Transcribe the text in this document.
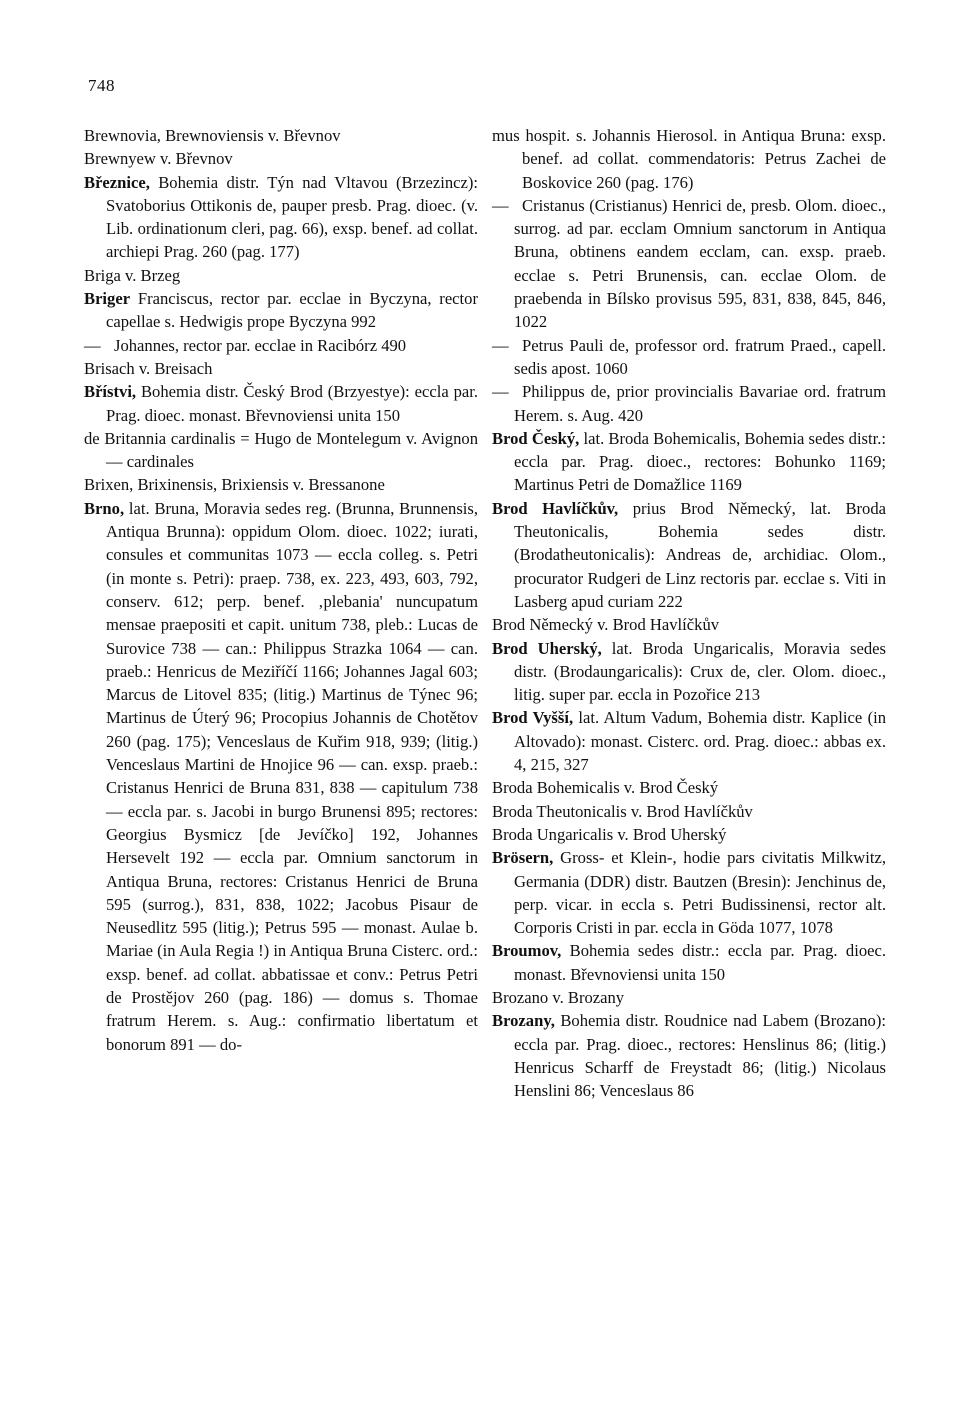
748
Brewnovia, Brewnoviensis v. Břevnov
Brewnyew v. Břevnov
Březnice, Bohemia distr. Týn nad Vltavou (Brzezincz): Svatoborius Ottikonis de, pauper presb. Prag. dioec. (v. Lib. ordinationum cleri, pag. 66), exsp. benef. ad collat. archiepi Prag. 260 (pag. 177)
Briga v. Brzeg
Briger Franciscus, rector par. ecclae in Byczyna, rector capellae s. Hedwigis prope Byczyna 992
— Johannes, rector par. ecclae in Racibórz 490
Brisach v. Breisach
Břístvi, Bohemia distr. Český Brod (Brzyestye): eccla par. Prag. dioec. monast. Břevnoviensi unita 150
de Britannia cardinalis = Hugo de Montelegum v. Avignon — cardinales
Brixen, Brixinensis, Brixiensis v. Bressanone
Brno, lat. Bruna, Moravia sedes reg. (Brunna, Brunnensis, Antiqua Brunna): oppidum Olom. dioec. 1022; iurati, consules et communitas 1073 — eccla colleg. s. Petri (in monte s. Petri): praep. 738, ex. 223, 493, 603, 792, conserv. 612; perp. benef. ‚plebania' nuncupatum mensae praepositi et capit. unitum 738, pleb.: Lucas de Surovice 738 — can.: Philippus Strazka 1064 — can. praeb.: Henricus de Meziříčí 1166; Johannes Jagal 603; Marcus de Litovel 835; (litig.) Martinus de Týnec 96; Martinus de Úterý 96; Procopius Johannis de Chotětov 260 (pag. 175); Venceslaus de Kuřim 918, 939; (litig.) Venceslaus Martini de Hnojice 96 — can. exsp. praeb.: Cristanus Henrici de Bruna 831, 838 — capitulum 738 — eccla par. s. Jacobi in burgo Brunensi 895; rectores: Georgius Bysmicz [de Jevíčko] 192, Johannes Hersevelt 192 — eccla par. Omnium sanctorum in Antiqua Bruna, rectores: Cristanus Henrici de Bruna 595 (surrog.), 831, 838, 1022; Jacobus Pisaur de Neusedlitz 595 (litig.); Petrus 595 — monast. Aulae b. Mariae (in Aula Regia !) in Antiqua Bruna Cisterc. ord.: exsp. benef. ad collat. abbatissae et conv.: Petrus Petri de Prostějov 260 (pag. 186) — domus s. Thomae fratrum Herem. s. Aug.: confirmatio libertatum et bonorum 891 — do-
mus hospit. s. Johannis Hierosol. in Antiqua Bruna: exsp. benef. ad collat. commendatoris: Petrus Zachei de Boskovice 260 (pag. 176)
— Cristanus (Cristianus) Henrici de, presb. Olom. dioec., surrog. ad par. ecclam Omnium sanctorum in Antiqua Bruna, obtinens eandem ecclam, can. exsp. praeb. ecclae s. Petri Brunensis, can. ecclae Olom. de praebenda in Bílsko provisus 595, 831, 838, 845, 846, 1022
— Petrus Pauli de, professor ord. fratrum Praed., capell. sedis apost. 1060
— Philippus de, prior provincialis Bavariae ord. fratrum Herem. s. Aug. 420
Brod Český, lat. Broda Bohemicalis, Bohemia sedes distr.: eccla par. Prag. dioec., rectores: Bohunko 1169; Martinus Petri de Domažlice 1169
Brod Havlíčkův, prius Brod Německý, lat. Broda Theutonicalis, Bohemia sedes distr. (Brodatheutonicalis): Andreas de, archidiac. Olom., procurator Rudgeri de Linz rectoris par. ecclae s. Viti in Lasberg apud curiam 222
Brod Německý v. Brod Havlíčkův
Brod Uherský, lat. Broda Ungaricalis, Moravia sedes distr. (Brodaungaricalis): Crux de, cler. Olom. dioec., litig. super par. eccla in Pozořice 213
Brod Vyšší, lat. Altum Vadum, Bohemia distr. Kaplice (in Altovado): monast. Cisterc. ord. Prag. dioec.: abbas ex. 4, 215, 327
Broda Bohemicalis v. Brod Český
Broda Theutonicalis v. Brod Havlíčkův
Broda Ungaricalis v. Brod Uherský
Brösern, Gross- et Klein-, hodie pars civitatis Milkwitz, Germania (DDR) distr. Bautzen (Bresin): Jenchinus de, perp. vicar. in eccla s. Petri Budissinensi, rector alt. Corporis Cristi in par. eccla in Göda 1077, 1078
Broumov, Bohemia sedes distr.: eccla par. Prag. dioec. monast. Břevnoviensi unita 150
Brozano v. Brozany
Brozany, Bohemia distr. Roudnice nad Labem (Brozano): eccla par. Prag. dioec., rectores: Henslinus 86; (litig.) Henricus Scharff de Freystadt 86; (litig.) Nicolaus Henslini 86; Venceslaus 86
